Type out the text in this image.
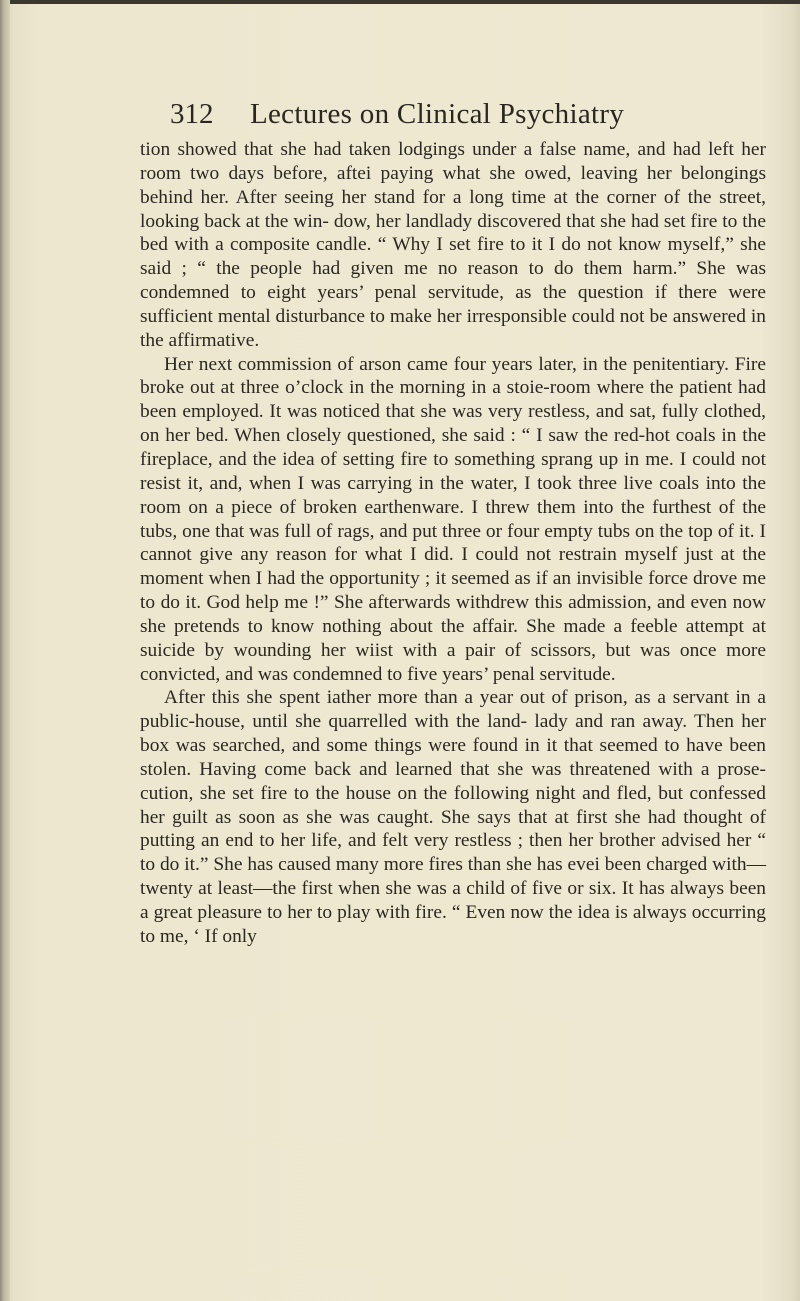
312 Lectures on Clinical Psychiatry

tion showed that she had taken lodgings under a false name, and had left her room two days before, aftei paying what she owed, leaving her belongings behind her. After seeing her stand for a long time at the corner of the street, looking back at the win- dow, her landlady discovered that she had set fire to the bed with a composite candle. “ Why I set fire to it I do not know myself,” she said ; “ the people had given me no reason to do them harm.” She was condemned to eight years’ penal servitude, as the question if there were sufficient mental disturbance to make her irresponsible could not be answered in the affirmative.

Her next commission of arson came four years later, in the penitentiary. Fire broke out at three o’clock in the morning in a stoie-room where the patient had been employed. It was noticed that she was very restless, and sat, fully clothed, on her bed. When closely questioned, she said : “ I saw the red-hot coals in the fireplace, and the idea of setting fire to something sprang up in me. I could not resist it, and, when I was carrying in the water, I took three live coals into the room on a piece of broken earthenware. I threw them into the furthest of the tubs, one that was full of rags, and put three or four empty tubs on the top of it. I cannot give any reason for what I did. I could not restrain myself just at the moment when I had the opportunity ; it seemed as if an invisible force drove me to do it. God help me !” She afterwards withdrew this admission, and even now she pretends to know nothing about the affair. She made a feeble attempt at suicide by wounding her wiist with a pair of scissors, but was once more convicted, and was condemned to five years’ penal servitude.

After this she spent iather more than a year out of prison, as a servant in a public-house, until she quarrelled with the land- lady and ran away. Then her box was searched, and some things were found in it that seemed to have been stolen. Having come back and learned that she was threatened with a prose- cution, she set fire to the house on the following night and fled, but confessed her guilt as soon as she was caught. She says that at first she had thought of putting an end to her life, and felt very restless ; then her brother advised her “ to do it.” She has caused many more fires than she has evei been charged with—twenty at least—the first when she was a child of five or six. It has always been a great pleasure to her to play with fire. “ Even now the idea is always occurring to me, ‘ If only
